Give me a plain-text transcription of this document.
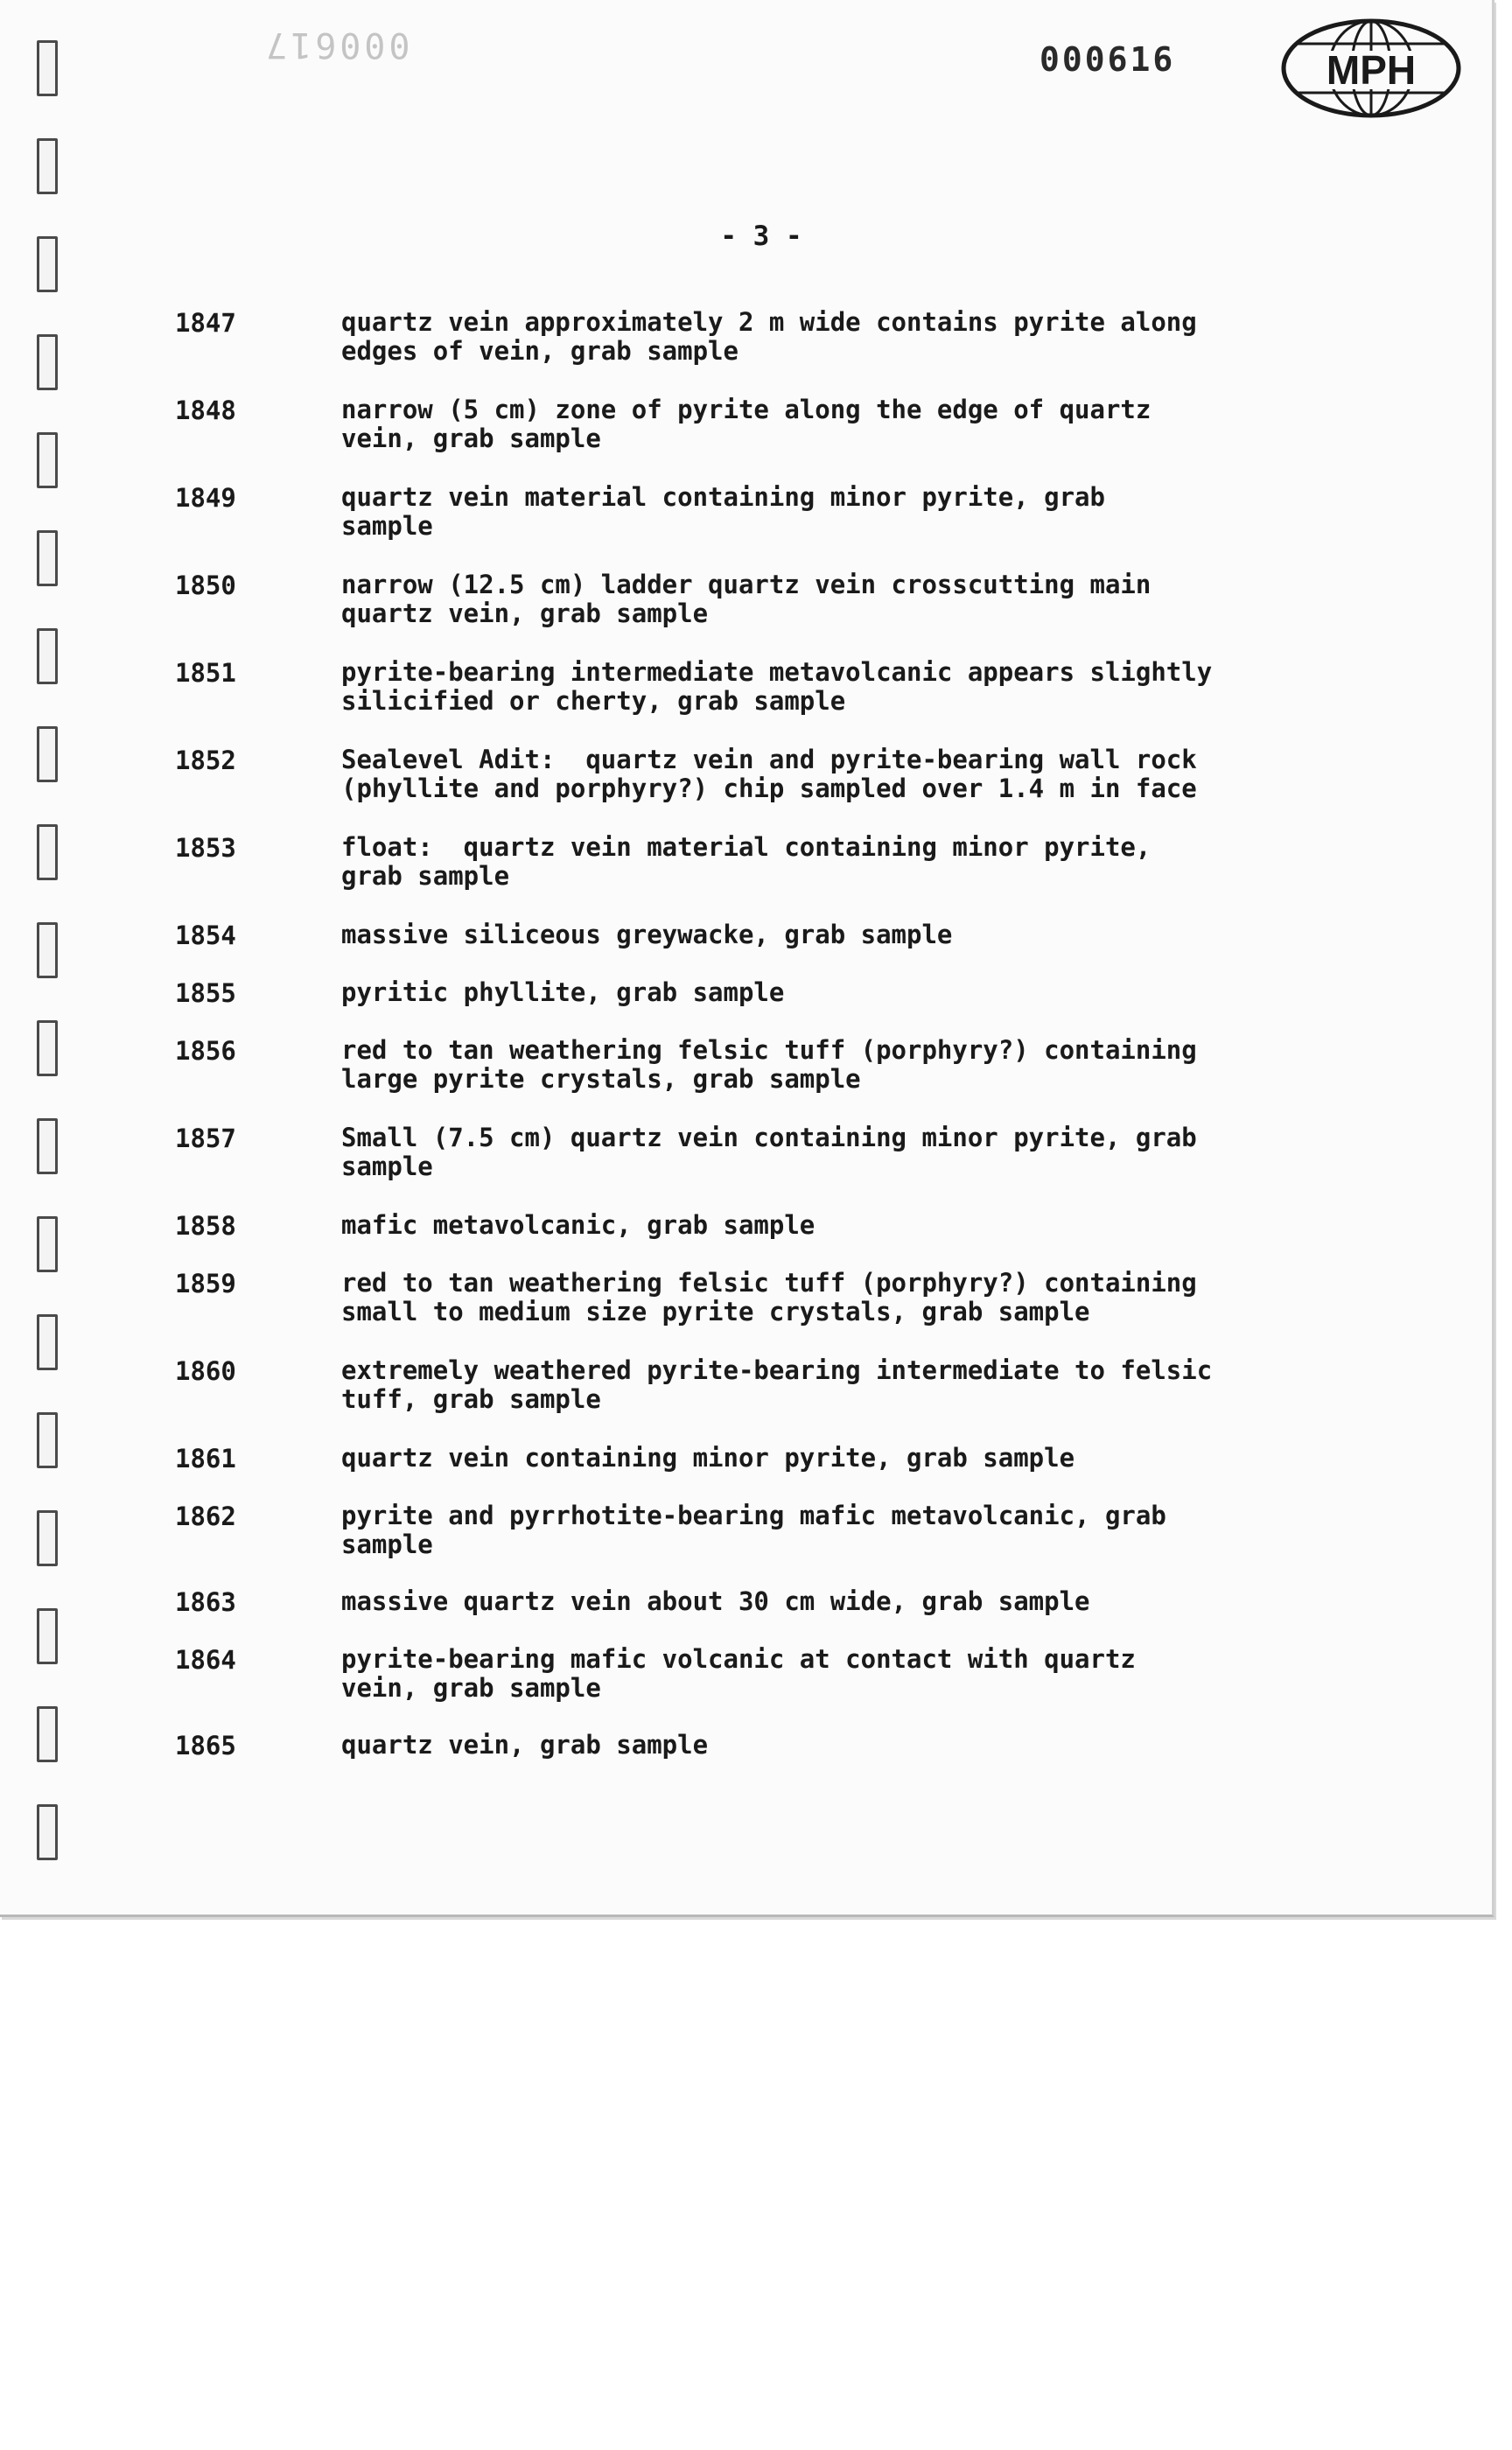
000617	000616	MPH
- 3 -
1847	quartz vein approximately 2 m wide contains pyrite along
edges of vein, grab sample
1848	narrow (5 cm) zone of pyrite along the edge of quartz
vein, grab sample
1849	quartz vein material containing minor pyrite, grab
sample
1850	narrow (12.5 cm) ladder quartz vein crosscutting main
quartz vein, grab sample
1851	pyrite-bearing intermediate metavolcanic appears slightly
silicified or cherty, grab sample
1852	Sealevel Adit:  quartz vein and pyrite-bearing wall rock
(phyllite and porphyry?) chip sampled over 1.4 m in face
1853	float:  quartz vein material containing minor pyrite,
grab sample
1854	massive siliceous greywacke, grab sample
1855	pyritic phyllite, grab sample
1856	red to tan weathering felsic tuff (porphyry?) containing
large pyrite crystals, grab sample
1857	Small (7.5 cm) quartz vein containing minor pyrite, grab
sample
1858	mafic metavolcanic, grab sample
1859	red to tan weathering felsic tuff (porphyry?) containing
small to medium size pyrite crystals, grab sample
1860	extremely weathered pyrite-bearing intermediate to felsic
tuff, grab sample
1861	quartz vein containing minor pyrite, grab sample
1862	pyrite and pyrrhotite-bearing mafic metavolcanic, grab
sample
1863	massive quartz vein about 30 cm wide, grab sample
1864	pyrite-bearing mafic volcanic at contact with quartz
vein, grab sample
1865	quartz vein, grab sample
